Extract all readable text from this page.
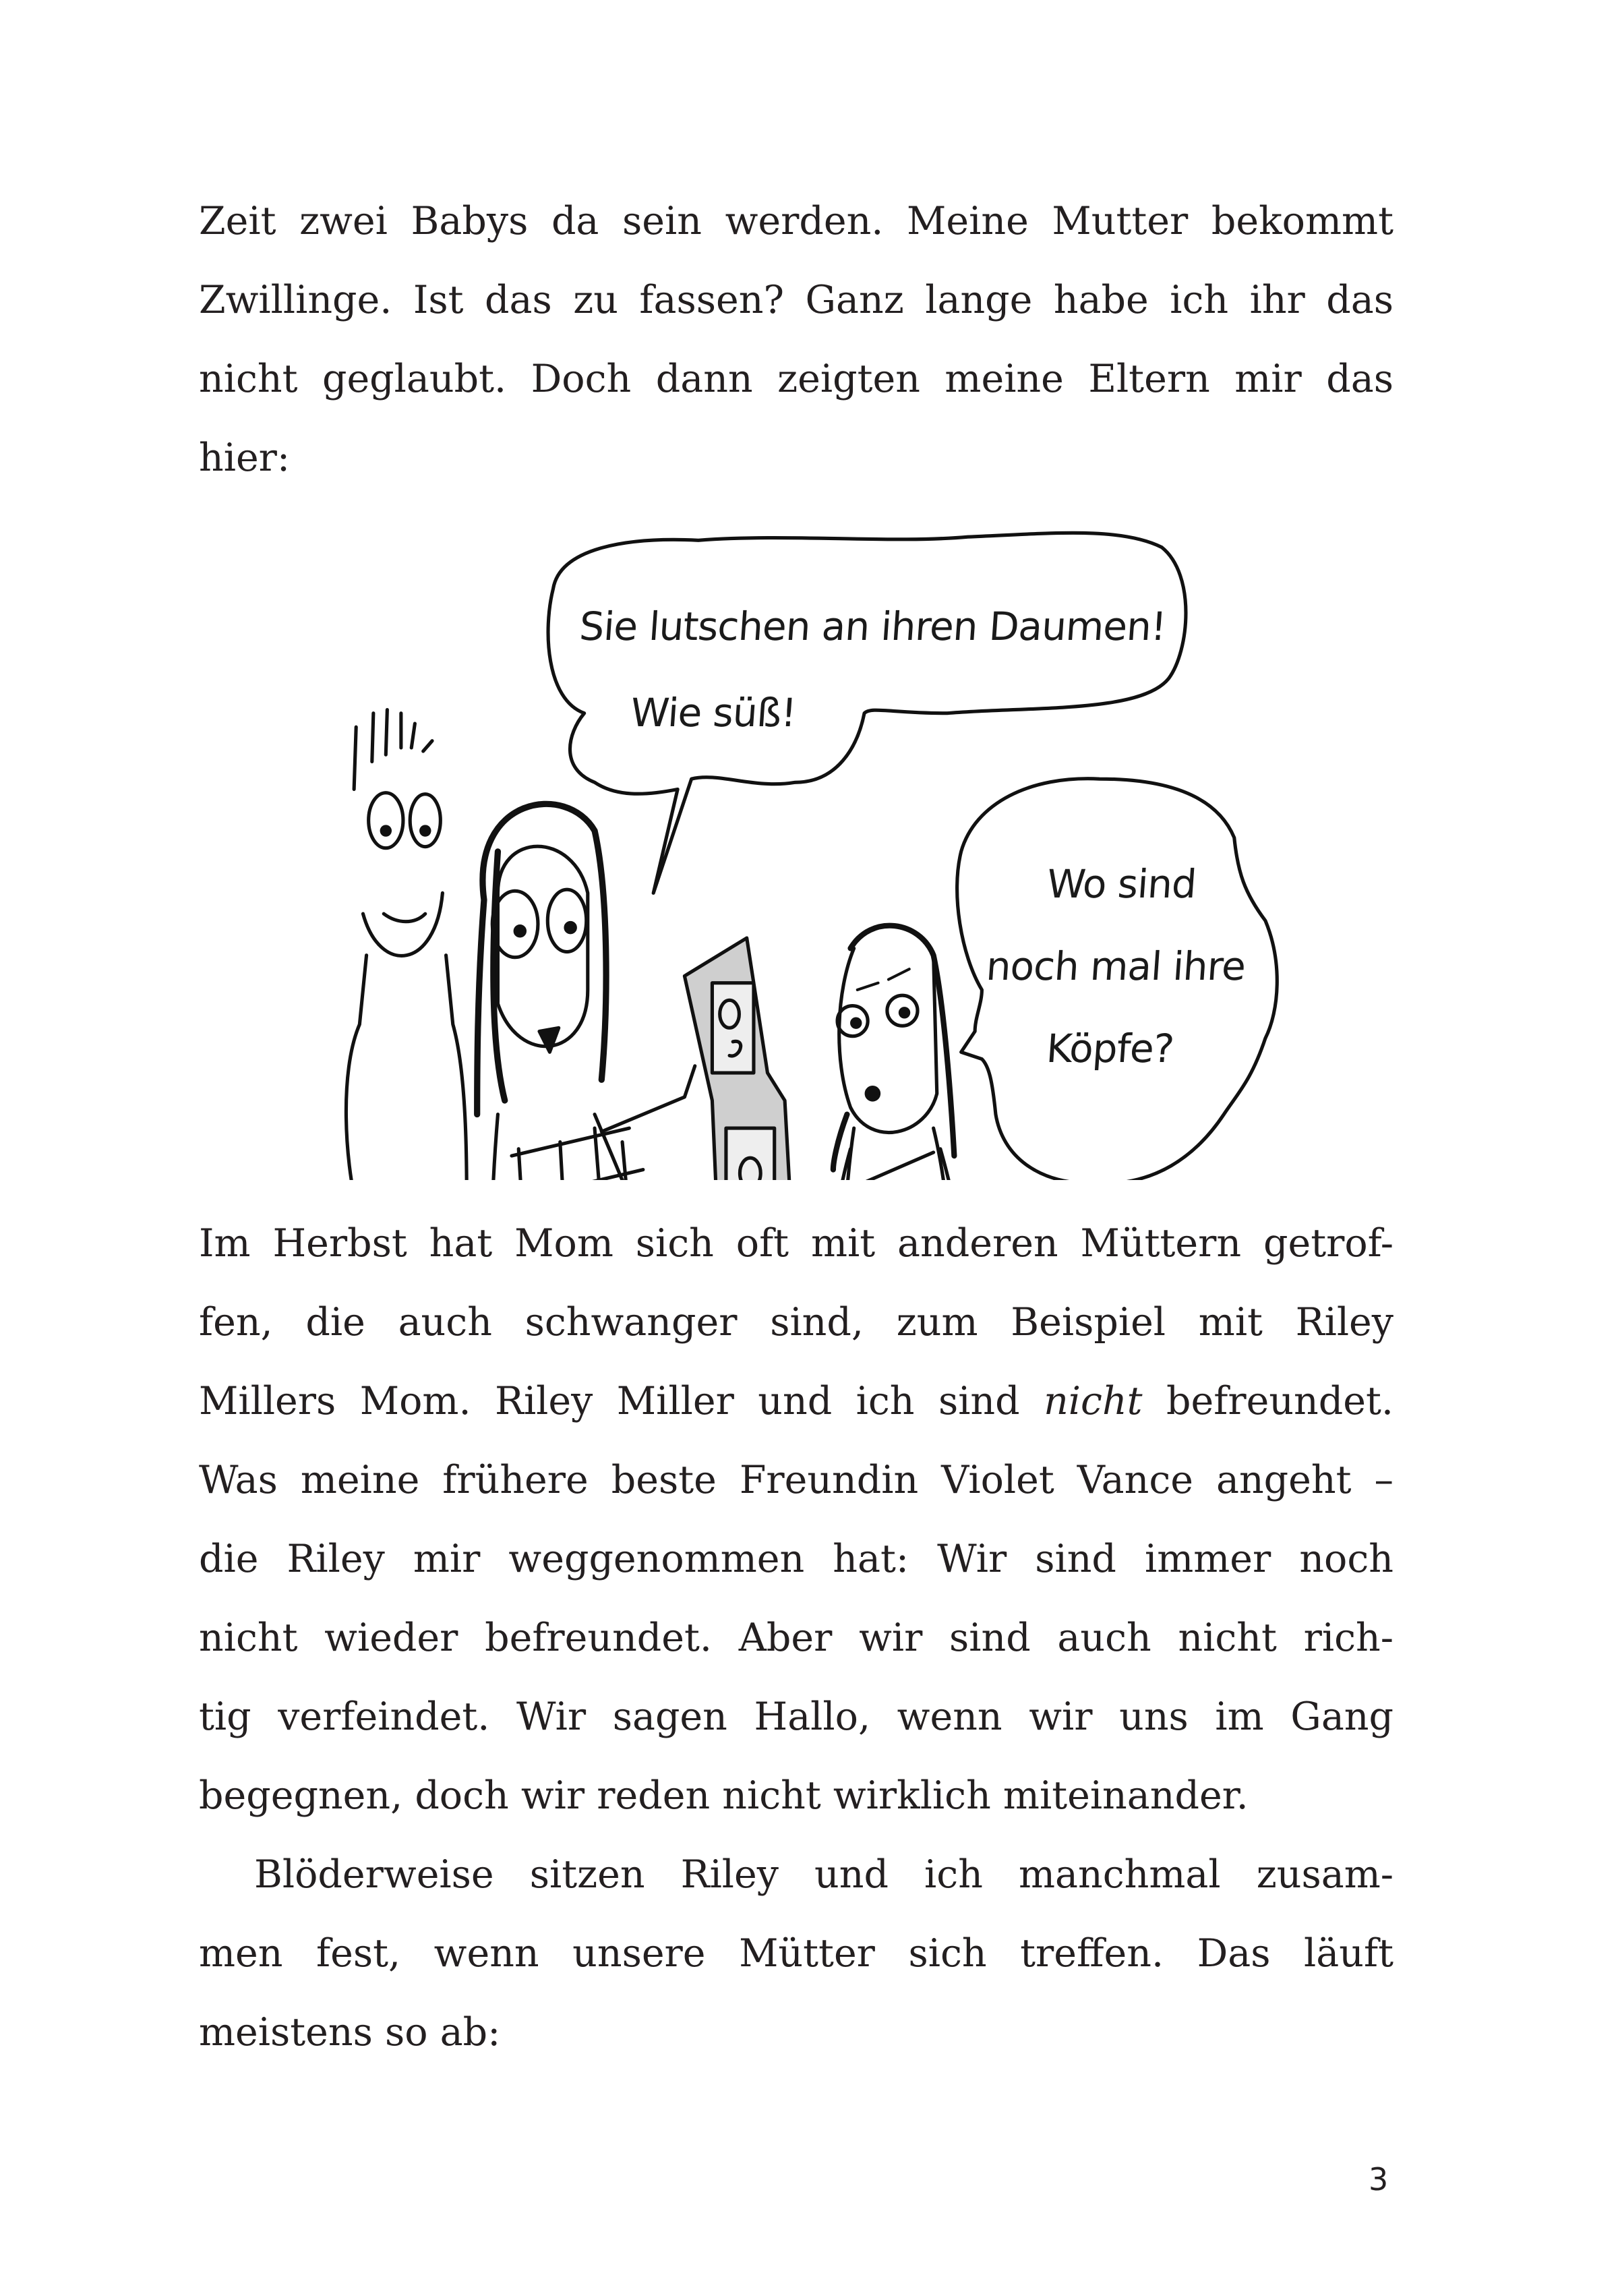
Zeit zwei Babys da sein werden. Meine Mutter bekommt
Zwillinge. Ist das zu fassen? Ganz lange habe ich ihr das
nicht geglaubt. Doch dann zeigten meine Eltern mir das
hier:
Sie lutschen an ihren Daumen!
Wie süß!
Wo sind
noch mal ihre
Köpfe?
Im Herbst hat Mom sich oft mit anderen Müttern getrof-
fen, die auch schwanger sind, zum Beispiel mit Riley
Millers Mom. Riley Miller und ich sind nicht befreundet.
Was meine frühere beste Freundin Violet Vance angeht –
die Riley mir weggenommen hat: Wir sind immer noch
nicht wieder befreundet. Aber wir sind auch nicht rich-
tig verfeindet. Wir sagen Hallo, wenn wir uns im Gang
begegnen, doch wir reden nicht wirklich miteinander.
Blöderweise sitzen Riley und ich manchmal zusam-
men fest, wenn unsere Mütter sich treffen. Das läuft
meistens so ab:
3
